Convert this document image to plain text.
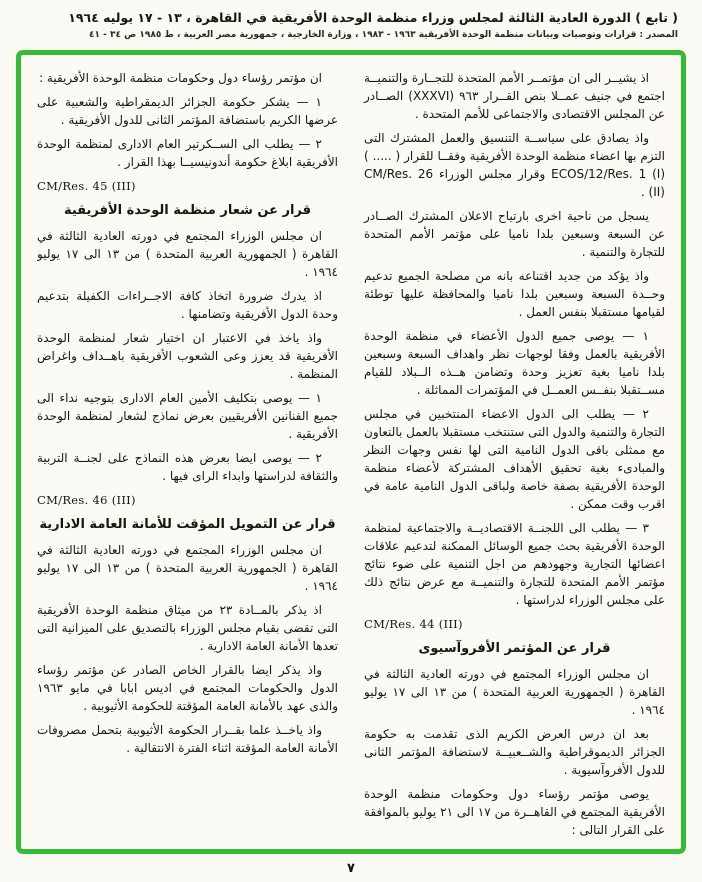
( تابع ) الدورة العادية الثالثة لمجلس وزراء منظمة الوحدة الأفريقية في القاهرة ، ١٣ - ١٧ يوليه ١٩٦٤
المصدر : قرارات وتوصيات وبيانات منظمة الوحدة الأفريقية ١٩٦٣ - ١٩٨٣ ، وزارة الخارجية ، جمهورية مصر العربية ، ط ١٩٨٥ ص ٣٤ - ٤١

اذ يشيــر الى ان مؤتمــر الأمم المتحدة للتجــارة والتنميــة اجتمع في جنيف عمــلا بنص القــرار ٩٦٣ (XXXVI) الصــادر عن المجلس الاقتصادى والاجتماعى للأمم المتحدة .

واذ يصادق على سياســة التنسيق والعمل المشترك التى التزم بها اعضاء منظمة الوحدة الأفريقية وفقــا للقرار ( ..... ) ECOS/12/Res. 1 (I) وقرار مجلس الوزراء CM/Res. 26 (II) .

يسجل من ناحية اخرى بارتياح الاعلان المشترك الصــادر عن السبعة وسبعين بلدا ناميا على مؤتمر الأمم المتحدة للتجارة والتنمية .

واذ يؤكد من جديد اقتناعه بانه من مصلحة الجميع تدعيم وحــدة السبعة وسبعين بلدا ناميا والمحافظة عليها توطئة لقيامها مستقبلا بنفس العمل .

١ — يوصى جميع الدول الأعضاء في منظمة الوحدة الأفريقية بالعمل وفقا لوجهات نظر واهداف السبعة وسبعين بلدا ناميا بغية تعزيز وحدة وتضامن هــذه الــبلاد للقيام مســتقبلا بنفــس العمــل في المؤتمرات المماثلة .

٢ — يطلب الى الدول الاعضاء المنتخبين في مجلس التجارة والتنمية والدول التى ستنتخب مستقبلا بالعمل بالتعاون مع ممثلى باقى الدول النامية التى لها نفس وجهات النظر والمبادىء بغية تحقيق الأهداف المشتركة لأعضاء منظمة الوحدة الأفريقية بصفة خاصة ولباقى الدول النامية عامة في اقرب وقت ممكن .

٣ — يطلب الى اللجنــة الاقتصاديــة والاجتماعية لمنظمة الوحدة الأفريقية بحث جميع الوسائل الممكنة لتدعيم علاقات اعضائها التجارية وجهودهم من اجل التنمية على ضوء نتائج مؤتمر الأمم المتحدة للتجارة والتنميــة مع عرض نتائج ذلك على مجلس الوزراء لدراستها .

CM/Res. 44 (III)

قرار عن المؤتمر الأفروآسيوى

ان مجلس الوزراء المجتمع في دورته العادية الثالثة في القاهرة ( الجمهورية العربية المتحدة ) من ١٣ الى ١٧ يوليو ١٩٦٤ .

بعد ان درس العرض الكريم الذى تقدمت به حكومة الجزائر الديموقراطية والشــعبيــة لاستضافة المؤتمر الثانى للدول الأفروآسيوية .

يوصى مؤتمر رؤساء دول وحكومات منظمة الوحدة الأفريقية المجتمع في القاهــرة من ١٧ الى ٢١ يوليو بالموافقة على القرار التالى :

ان مؤتمر رؤساء دول وحكومات منظمة الوحدة الأفريقية :

١ — يشكر حكومة الجزائر الديمقراطية والشعبية على عرضها الكريم باستضافة المؤتمر الثانى للدول الأفريقية .

٢ — يطلب الى الســكرتير العام الادارى لمنظمة الوحدة الأفريقية ابلاغ حكومة أندونيسيــا بهذا القرار .

CM/Res. 45 (III)

قرار عن شعار منظمة الوحدة الأفريقية

ان مجلس الوزراء المجتمع في دورته العادية الثالثة في القاهرة ( الجمهورية العربية المتحدة ) من ١٣ الى ١٧ يوليو ١٩٦٤ .

اذ يدرك ضرورة اتخاذ كافة الاجــراءات الكفيلة بتدعيم وحدة الدول الأفريقية وتضامنها .

واذ ياخذ في الاعتبار ان اختيار شعار لمنظمة الوحدة الأفريقية قد يعزز وعى الشعوب الأفريقية باهــداف واغراض المنظمة .

١ — يوصى بتكليف الأمين العام الادارى بتوجيه نداء الى جميع الفنانين الأفريقيين بعرض نماذج لشعار لمنظمة الوحدة الأفريقية .

٢ — يوصى ايضا بعرض هذه النماذج على لجنــة التربية والثقافة لدراستها وابداء الراى فيها .

CM/Res. 46 (III)

قرار عن التمويل المؤقت للأمانة العامة الادارية

ان مجلس الوزراء المجتمع في دورته العادية الثالثة في القاهرة ( الجمهورية العربية المتحدة ) من ١٣ الى ١٧ يوليو ١٩٦٤ .

اذ يذكر بالمــادة ٢٣ من ميثاق منظمة الوحدة الأفريقية التى تقضى بقيام مجلس الوزراء بالتصديق على الميزانية التى تعدها الأمانة العامة الادارية .

واذ يذكر ايضا بالقرار الخاص الصادر عن مؤتمر رؤساء الدول والحكومات المجتمع في اديس ابابا في مايو ١٩٦٣ والذى عهد بالأمانة العامة المؤقتة للحكومة الأثيوبية .

واذ ياخــذ علما بقــرار الحكومة الأثيوبية بتحمل مصروفات الأمانة العامة المؤقتة اثناء الفترة الانتقالية .

٧
